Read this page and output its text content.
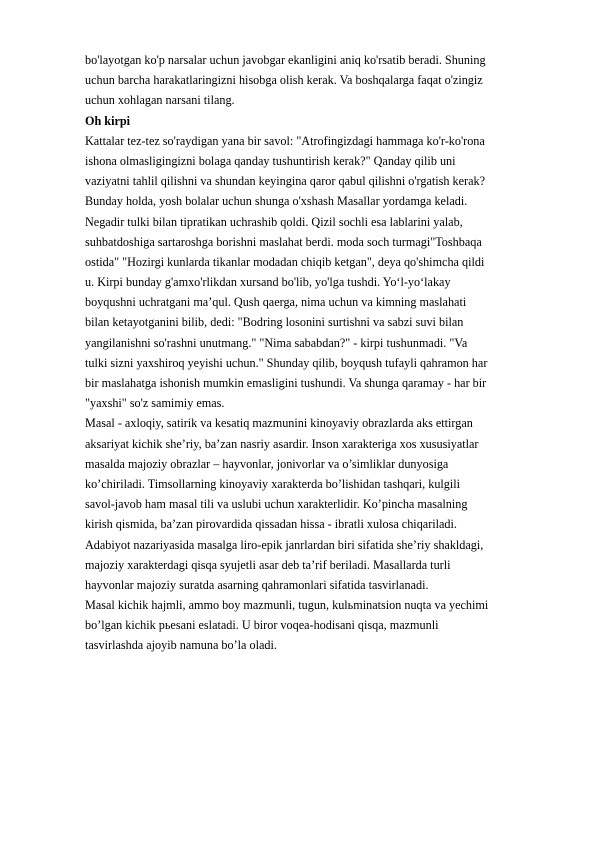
bo'layotgan ko'p narsalar uchun javobgar ekanligini aniq ko'rsatib beradi. Shuning
uchun barcha harakatlaringizni hisobga olish kerak. Va boshqalarga faqat o'zingiz
uchun xohlagan narsani tilang.
Oh kirpi
Kattalar tez-tez so'raydigan yana bir savol: "Atrofingizdagi hammaga ko'r-ko'rona
ishona olmasligingizni bolaga qanday tushuntirish kerak?" Qanday qilib uni
vaziyatni tahlil qilishni va shundan keyingina qaror qabul qilishni o'rgatish kerak?
Bunday holda, yosh bolalar uchun shunga o'xshash Masallar yordamga keladi.
Negadir tulki bilan tipratikan uchrashib qoldi. Qizil sochli esa lablarini yalab,
suhbatdoshiga sartaroshga borishni maslahat berdi. moda soch turmagi"Toshbaqa
ostida" "Hozirgi kunlarda tikanlar modadan chiqib ketgan", deya qo'shimcha qildi
u. Kirpi bunday g'amxo'rlikdan xursand bo'lib, yo'lga tushdi. Yo‘l-yo‘lakay
boyqushni uchratgani ma’qul. Qush qaerga, nima uchun va kimning maslahati
bilan ketayotganini bilib, dedi: "Bodring losonini surtishni va sabzi suvi bilan
yangilanishni so'rashni unutmang." "Nima sababdan?" - kirpi tushunmadi. "Va
tulki sizni yaxshiroq yeyishi uchun." Shunday qilib, boyqush tufayli qahramon har
bir maslahatga ishonish mumkin emasligini tushundi. Va shunga qaramay - har bir
"yaxshi" so'z samimiy emas.
Masal - axloqiy, satirik va kesatiq mazmunini kinoyaviy obrazlarda aks ettirgan
aksariyat kichik she’riy, ba’zan nasriy asardir. Inson xarakteriga xos xususiyatlar
masalda majoziy obrazlar – hayvonlar, jonivorlar va o’simliklar dunyosiga
ko’chiriladi. Timsollarning kinoyaviy xarakterda bo’lishidan tashqari, kulgili
savol-javob ham masal tili va uslubi uchun xarakterlidir. Ko’pincha masalning
kirish qismida, ba’zan pirovardida qissadan hissa - ibratli xulosa chiqariladi.
Adabiyot nazariyasida masalga liro-epik janrlardan biri sifatida she’riy shakldagi,
majoziy xarakterdagi qisqa syujetli asar deb ta’rif beriladi. Masallarda turli
hayvonlar majoziy suratda asarning qahramonlari sifatida tasvirlanadi.
Masal kichik hajmli, ammo boy mazmunli, tugun, kulьminatsion nuqta va yechimi
bo’lgan kichik pьesani eslatadi. U biror voqea-hodisani qisqa, mazmunli
tasvirlashda ajoyib namuna bo’la oladi.
